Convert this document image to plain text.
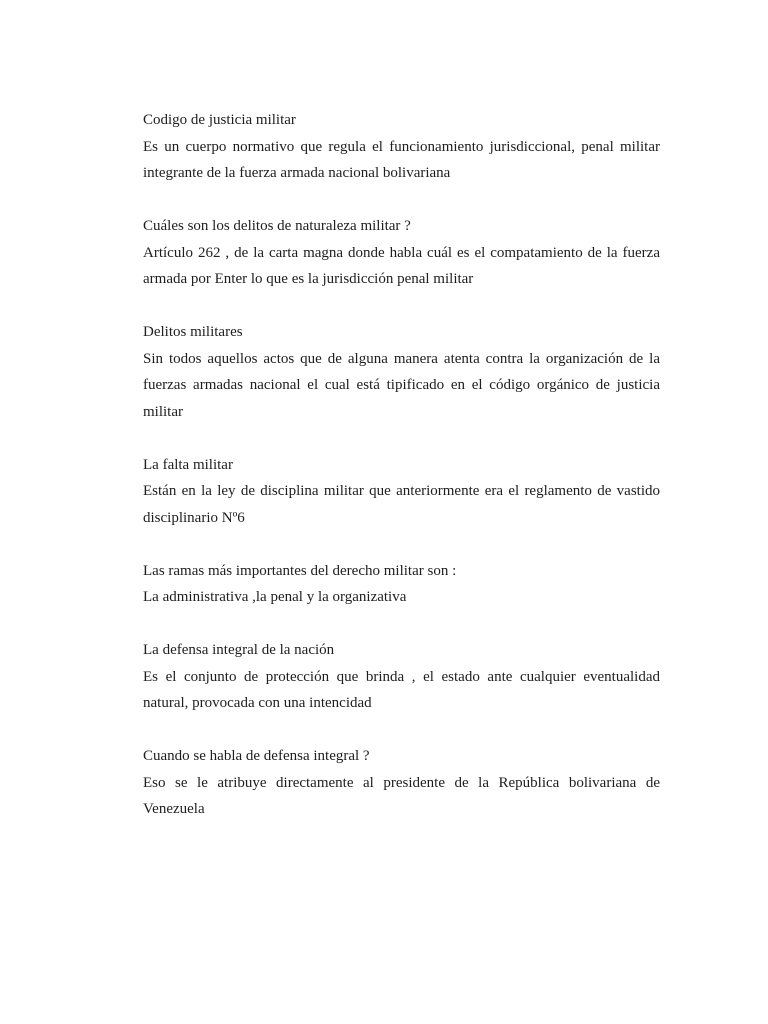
Codigo de justicia militar

Es un cuerpo normativo que regula el funcionamiento jurisdiccional, penal militar integrante de la fuerza armada nacional bolivariana

Cuáles son los delitos de naturaleza militar ?

Artículo 262 , de la carta magna donde habla cuál es el compatamiento de la fuerza armada por Enter lo que es la jurisdicción penal militar

Delitos militares

Sin todos aquellos actos que de alguna manera atenta contra la organización de la fuerzas armadas nacional el cual está tipificado en el código orgánico de justicia militar

La falta militar

Están en la ley de disciplina militar que anteriormente era el reglamento de vastido disciplinario Nº6

Las ramas más importantes del derecho militar son :

La administrativa ,la penal y la organizativa

La defensa integral de la nación

Es el conjunto de protección que brinda , el estado ante cualquier eventualidad natural, provocada con una intencidad

Cuando se habla de defensa integral ?

Eso se le atribuye directamente al presidente de la República bolivariana de Venezuela
